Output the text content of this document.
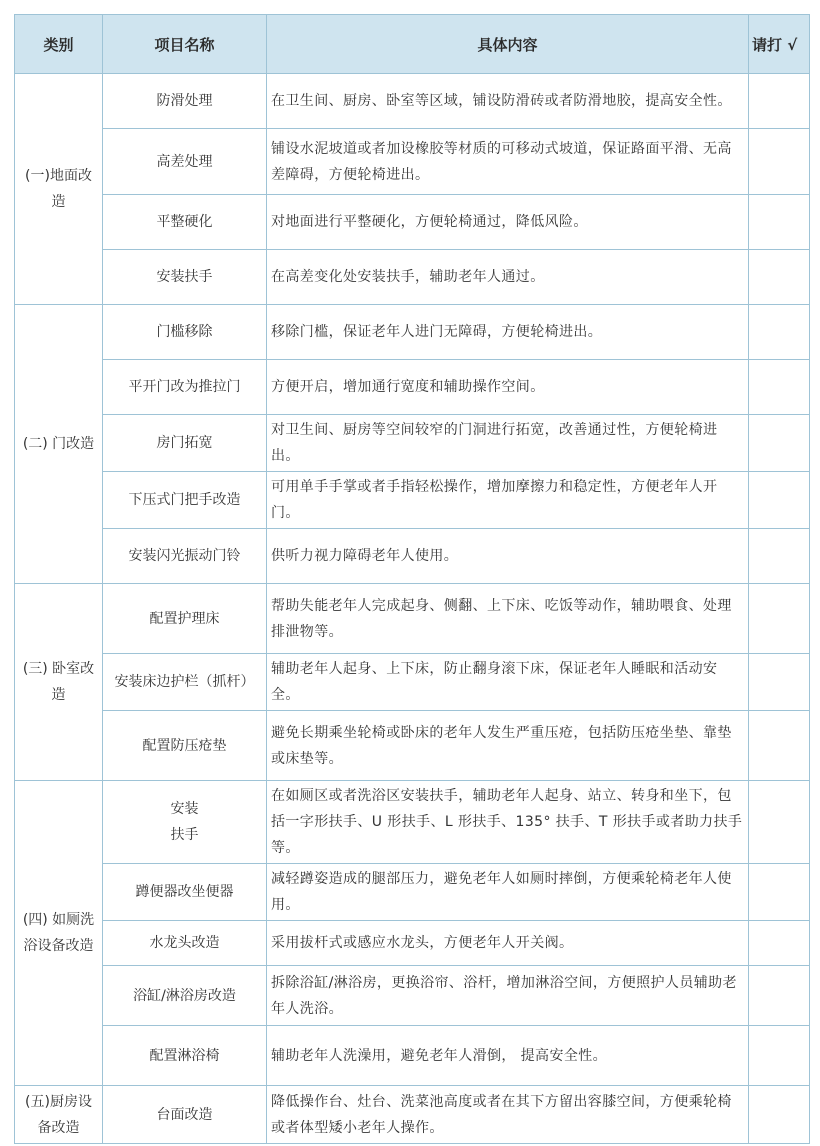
类别	项目名称	具体内容	请打 √
(一)地面改造	防滑处理	在卫生间、厨房、卧室等区域，铺设防滑砖或者防滑地胶，提高安全性。	
	高差处理	铺设水泥坡道或者加设橡胶等材质的可移动式坡道，保证路面平滑、无高差障碍，方便轮椅进出。	
	平整硬化	对地面进行平整硬化，方便轮椅通过，降低风险。	
	安装扶手	在高差变化处安装扶手，辅助老年人通过。	
(二) 门改造	门槛移除	移除门槛，保证老年人进门无障碍，方便轮椅进出。	
	平开门改为推拉门	方便开启，增加通行宽度和辅助操作空间。	
	房门拓宽	对卫生间、厨房等空间较窄的门洞进行拓宽，改善通过性，方便轮椅进出。	
	下压式门把手改造	可用单手手掌或者手指轻松操作，增加摩擦力和稳定性，方便老年人开门。	
	安装闪光振动门铃	供听力视力障碍老年人使用。	
(三) 卧室改造	配置护理床	帮助失能老年人完成起身、侧翻、上下床、吃饭等动作，辅助喂食、处理排泄物等。	
	安装床边护栏（抓杆）	辅助老年人起身、上下床，防止翻身滚下床，保证老年人睡眠和活动安全。	
	配置防压疮垫	避免长期乘坐轮椅或卧床的老年人发生严重压疮，包括防压疮坐垫、靠垫或床垫等。	
(四) 如厕洗浴设备改造	安装扶手	在如厕区或者洗浴区安装扶手，辅助老年人起身、站立、转身和坐下，包括一字形扶手、U 形扶手、L 形扶手、135° 扶手、T 形扶手或者助力扶手等。	
	蹲便器改坐便器	减轻蹲姿造成的腿部压力，避免老年人如厕时摔倒，方便乘轮椅老年人使用。	
	水龙头改造	采用拔杆式或感应水龙头，方便老年人开关阀。	
	浴缸/淋浴房改造	拆除浴缸/淋浴房，更换浴帘、浴杆，增加淋浴空间，方便照护人员辅助老年人洗浴。	
	配置淋浴椅	辅助老年人洗澡用，避免老年人滑倒， 提高安全性。	
(五)厨房设备改造	台面改造	降低操作台、灶台、洗菜池高度或者在其下方留出容膝空间，方便乘轮椅或者体型矮小老年人操作。	
